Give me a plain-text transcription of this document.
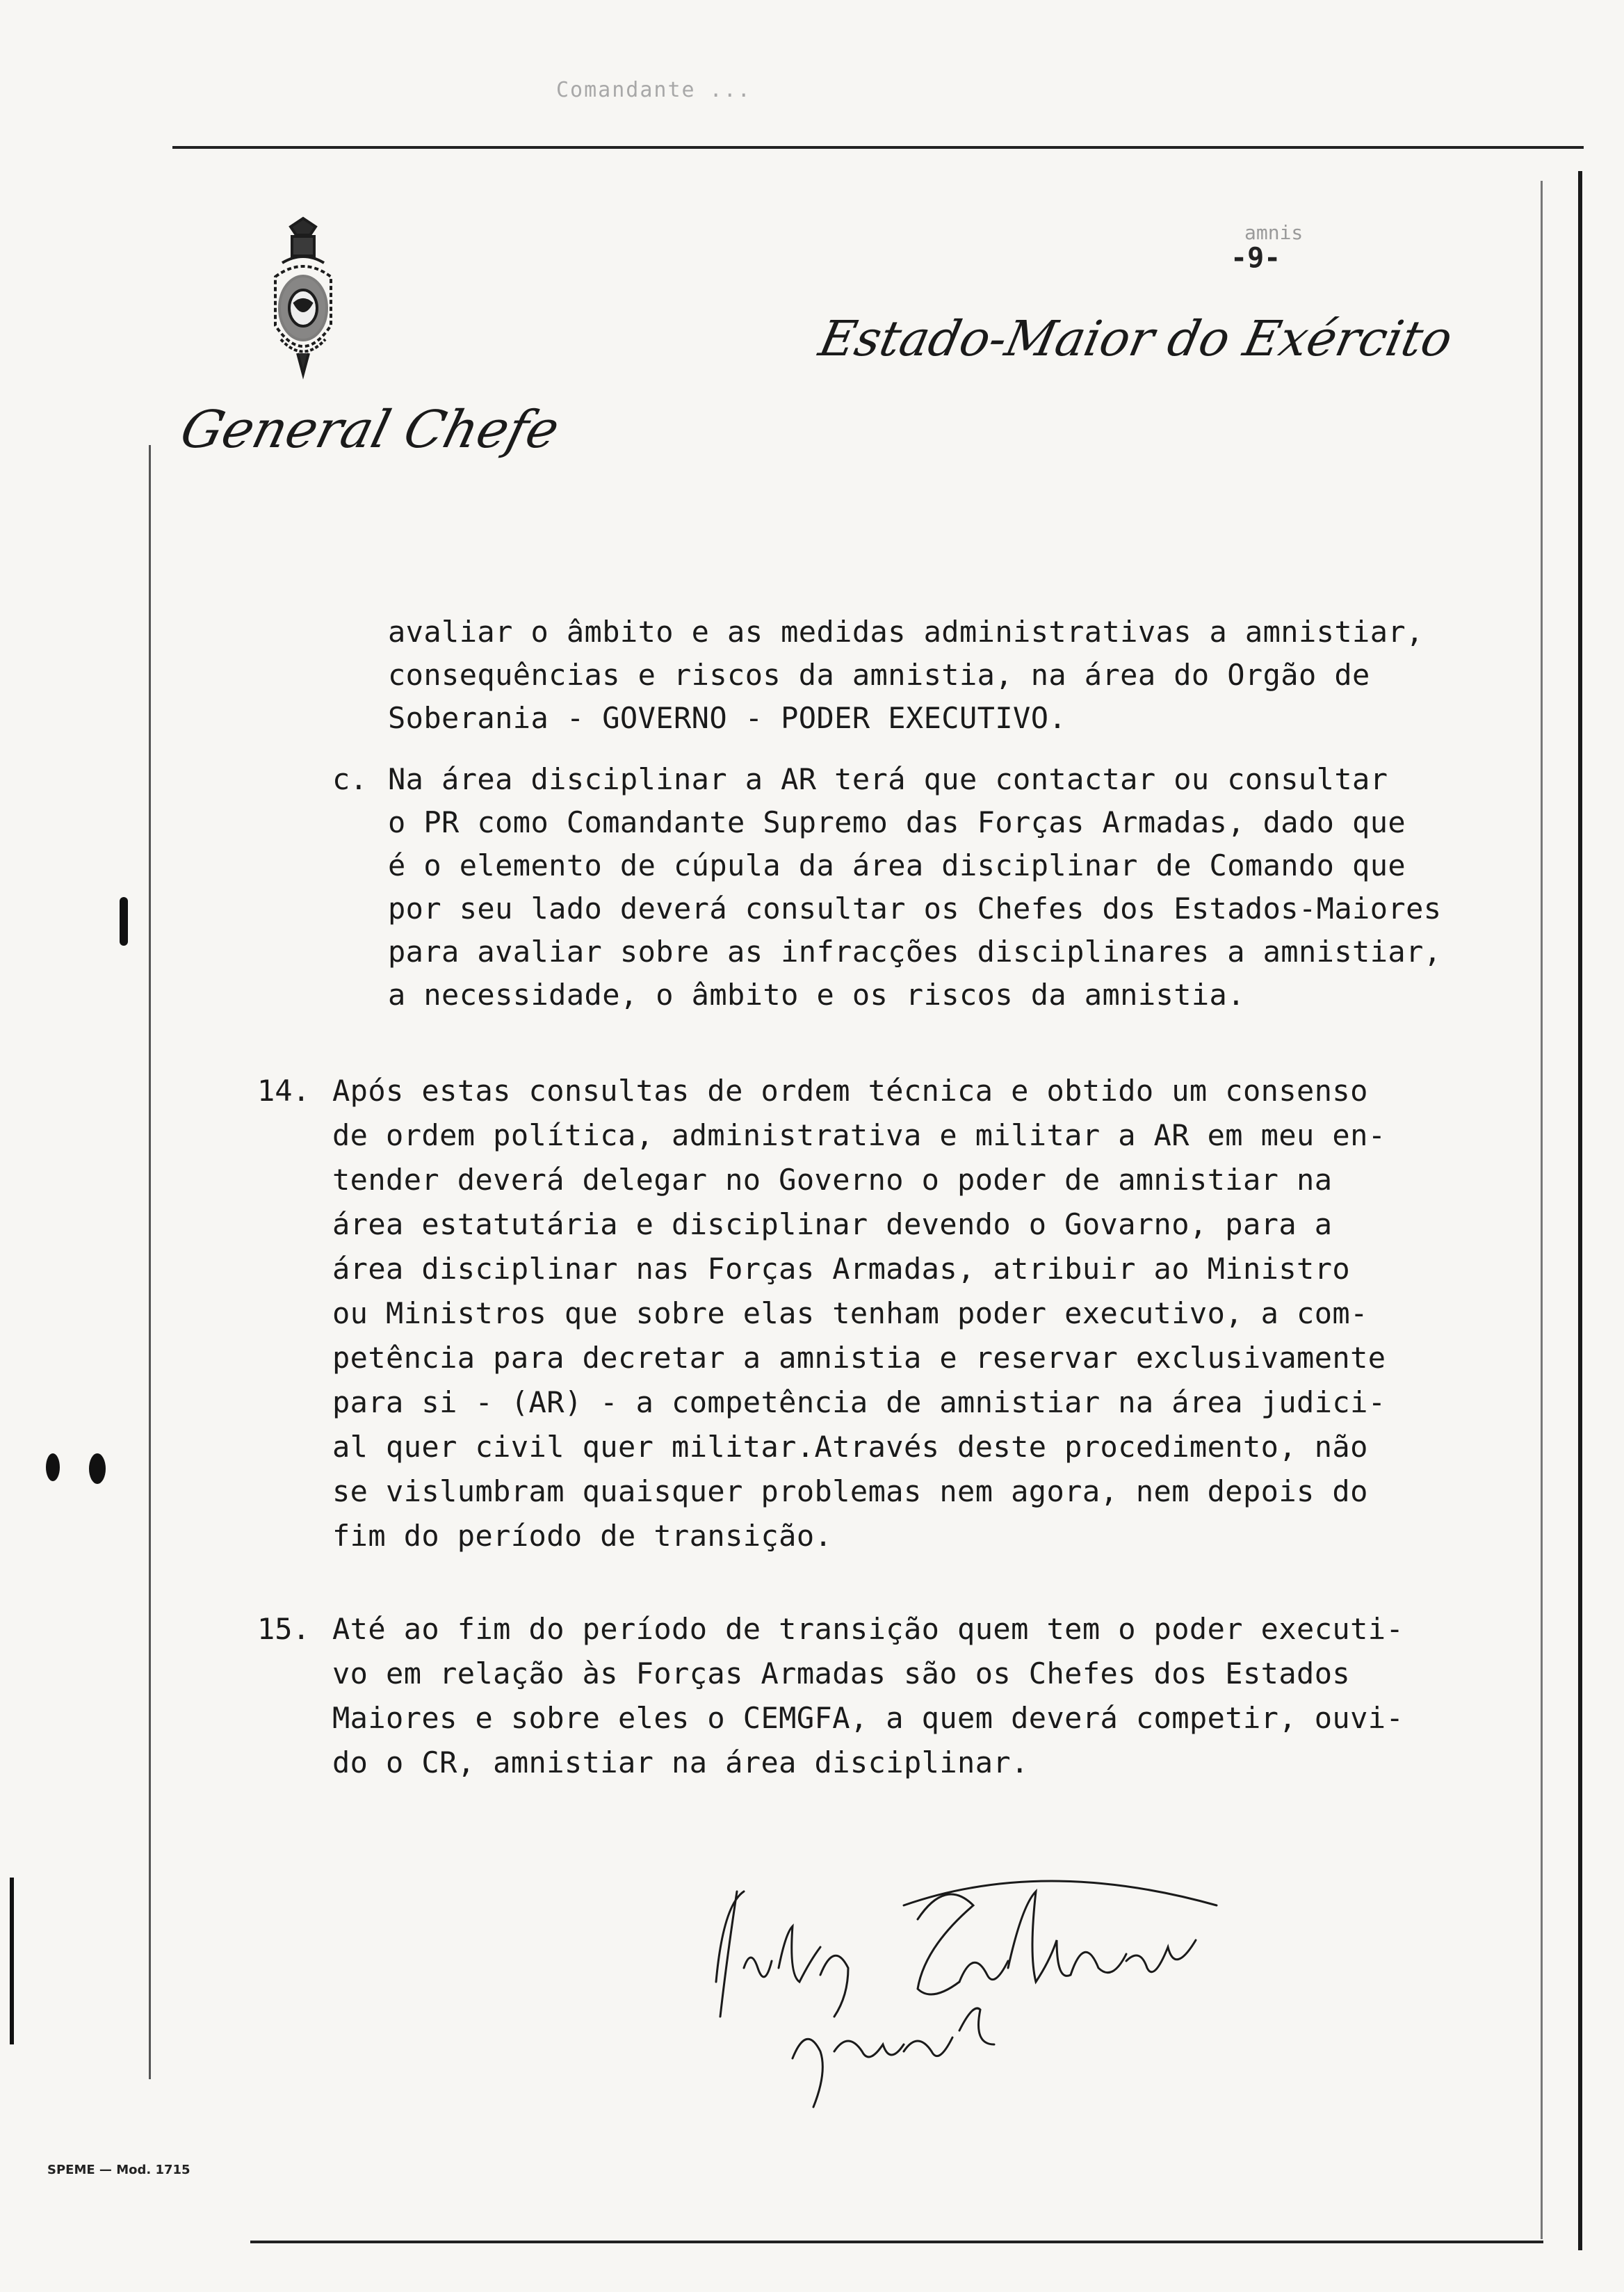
Comandante ...
amnis
-9-
Estado-Maior do Exército
General Chefe
avaliar o âmbito e as medidas administrativas a amnistiar,
consequências e riscos da amnistia, na área do Orgão de
Soberania - GOVERNO - PODER EXECUTIVO.
c. Na área disciplinar a AR terá que contactar ou consultar
o PR como Comandante Supremo das Forças Armadas, dado que
é o elemento de cúpula da área disciplinar de Comando que
por seu lado deverá consultar os Chefes dos Estados-Maiores
para avaliar sobre as infracções disciplinares a amnistiar,
a necessidade, o âmbito e os riscos da amnistia.
14. Após estas consultas de ordem técnica e obtido um consenso
de ordem política, administrativa e militar a AR em meu en-
tender deverá delegar no Governo o poder de amnistiar na
área estatutária e disciplinar devendo o Govarno, para a
área disciplinar nas Forças Armadas, atribuir ao Ministro
ou Ministros que sobre elas tenham poder executivo, a com-
petência para decretar a amnistia e reservar exclusivamente
para si - (AR) - a competência de amnistiar na área judici-
al quer civil quer militar.Através deste procedimento, não
se vislumbram quaisquer problemas nem agora, nem depois do
fim do período de transição.
15. Até ao fim do período de transição quem tem o poder executi-
vo em relação às Forças Armadas são os Chefes dos Estados
Maiores e sobre eles o CEMGFA, a quem deverá competir, ouvi-
do o CR, amnistiar na área disciplinar.
SPEME — Mod. 1715
